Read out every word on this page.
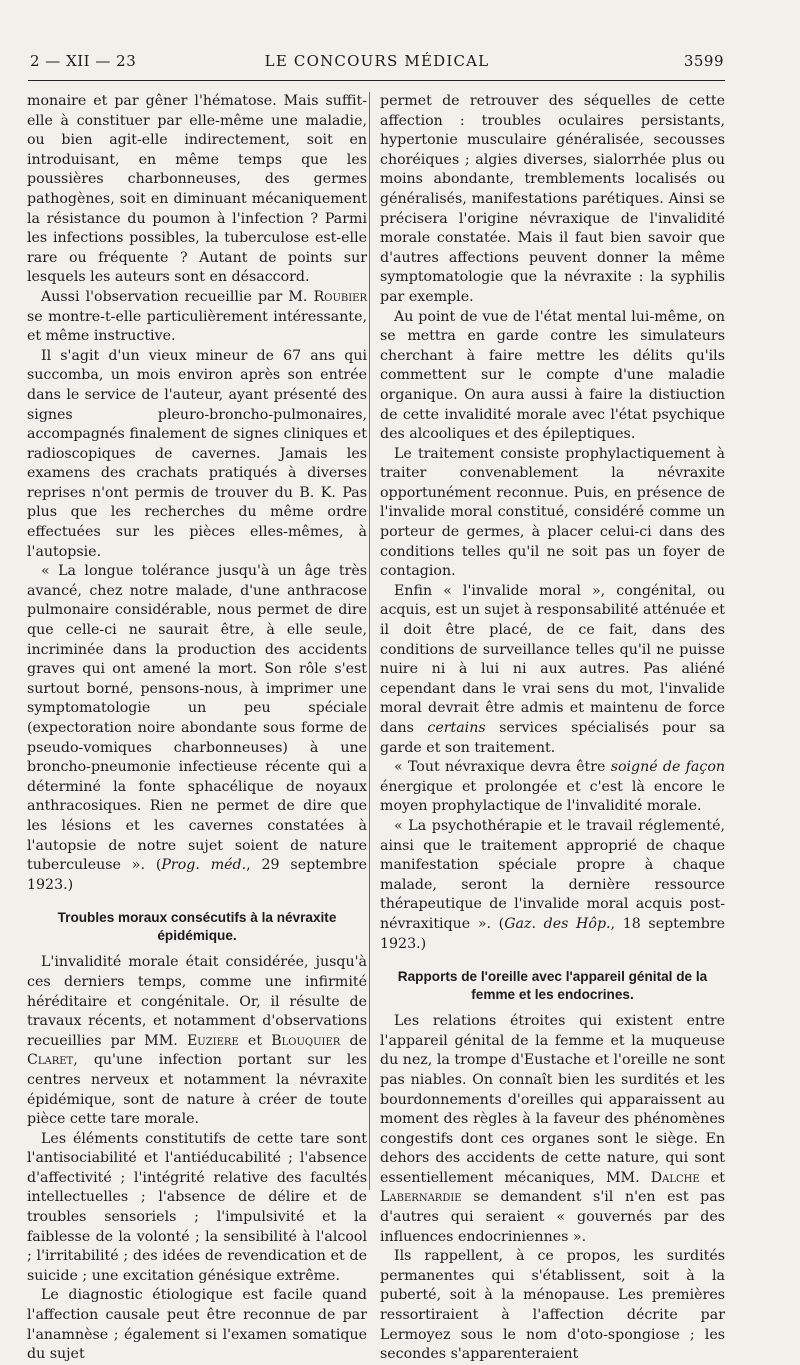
2 — XII — 23	LE CONCOURS MÉDICAL	3599

monaire et par gêner l'hématose. Mais suffit-elle à constituer par elle-même une maladie, ou bien agit-elle indirectement, soit en introduisant, en même temps que les poussières charbonneuses, des germes pathogènes, soit en diminuant mécaniquement la résistance du poumon à l'infection ? Parmi les infections possibles, la tuberculose est-elle rare ou fréquente ? Autant de points sur lesquels les auteurs sont en désaccord.

Aussi l'observation recueillie par M. Roubier se montre-t-elle particulièrement intéressante, et même instructive.

Il s'agit d'un vieux mineur de 67 ans qui succomba, un mois environ après son entrée dans le service de l'auteur, ayant présenté des signes pleuro-broncho-pulmonaires, accompagnés finalement de signes cliniques et radioscopiques de cavernes. Jamais les examens des crachats pratiqués à diverses reprises n'ont permis de trouver du B. K. Pas plus que les recherches du même ordre effectuées sur les pièces elles-mêmes, à l'autopsie.

« La longue tolérance jusqu'à un âge très avancé, chez notre malade, d'une anthracose pulmonaire considérable, nous permet de dire que celle-ci ne saurait être, à elle seule, incriminée dans la production des accidents graves qui ont amené la mort. Son rôle s'est surtout borné, pensons-nous, à imprimer une symptomatologie un peu spéciale (expectoration noire abondante sous forme de pseudo-vomiques charbonneuses) à une broncho-pneumonie infectieuse récente qui a déterminé la fonte sphacélique de noyaux anthracosiques. Rien ne permet de dire que les lésions et les cavernes constatées à l'autopsie de notre sujet soient de nature tuberculeuse ». (Prog. méd., 29 septembre 1923.)

Troubles moraux consécutifs à la névraxite épidémique.

L'invalidité morale était considérée, jusqu'à ces derniers temps, comme une infirmité héréditaire et congénitale. Or, il résulte de travaux récents, et notamment d'observations recueillies par MM. Euziere et Blouquier de Claret, qu'une infection portant sur les centres nerveux et notamment la névraxite épidémique, sont de nature à créer de toute pièce cette tare morale.

Les éléments constitutifs de cette tare sont l'antisociabilité et l'antiéducabilité ; l'absence d'affectivité ; l'intégrité relative des facultés intellectuelles ; l'absence de délire et de troubles sensoriels ; l'impulsivité et la faiblesse de la volonté ; la sensibilité à l'alcool ; l'irritabilité ; des idées de revendication et de suicide ; une excitation génésique extrême.

Le diagnostic étiologique est facile quand l'affection causale peut être reconnue de par l'anamnèse ; également si l'examen somatique du sujet

permet de retrouver des séquelles de cette affection : troubles oculaires persistants, hypertonie musculaire généralisée, secousses choréiques ; algies diverses, sialorrhée plus ou moins abondante, tremblements localisés ou généralisés, manifestations parétiques. Ainsi se précisera l'origine névraxique de l'invalidité morale constatée. Mais il faut bien savoir que d'autres affections peuvent donner la même symptomatologie que la névraxite : la syphilis par exemple.

Au point de vue de l'état mental lui-même, on se mettra en garde contre les simulateurs cherchant à faire mettre les délits qu'ils commettent sur le compte d'une maladie organique. On aura aussi à faire la distiuction de cette invalidité morale avec l'état psychique des alcooliques et des épileptiques.

Le traitement consiste prophylactiquement à traiter convenablement la névraxite opportunément reconnue. Puis, en présence de l'invalide moral constitué, considéré comme un porteur de germes, à placer celui-ci dans des conditions telles qu'il ne soit pas un foyer de contagion.

Enfin « l'invalide moral », congénital, ou acquis, est un sujet à responsabilité atténuée et il doit être placé, de ce fait, dans des conditions de surveillance telles qu'il ne puisse nuire ni à lui ni aux autres. Pas aliéné cependant dans le vrai sens du mot, l'invalide moral devrait être admis et maintenu de force dans certains services spécialisés pour sa garde et son traitement.

« Tout névraxique devra être soigné de façon énergique et prolongée et c'est là encore le moyen prophylactique de l'invalidité morale.

« La psychothérapie et le travail réglementé, ainsi que le traitement approprié de chaque manifestation spéciale propre à chaque malade, seront la dernière ressource thérapeutique de l'invalide moral acquis post-névraxitique ». (Gaz. des Hôp., 18 septembre 1923.)

Rapports de l'oreille avec l'appareil génital de la femme et les endocrines.

Les relations étroites qui existent entre l'appareil génital de la femme et la muqueuse du nez, la trompe d'Eustache et l'oreille ne sont pas niables. On connaît bien les surdités et les bourdonnements d'oreilles qui apparaissent au moment des règles à la faveur des phénomènes congestifs dont ces organes sont le siège. En dehors des accidents de cette nature, qui sont essentiellement mécaniques, MM. Dalche et Labernardie se demandent s'il n'en est pas d'autres qui seraient « gouvernés par des influences endocriniennes ».

Ils rappellent, à ce propos, les surdités permanentes qui s'établissent, soit à la puberté, soit à la ménopause. Les premières ressortiraient à l'affection décrite par Lermoyez sous le nom d'oto-spongiose ; les secondes s'apparenteraient
